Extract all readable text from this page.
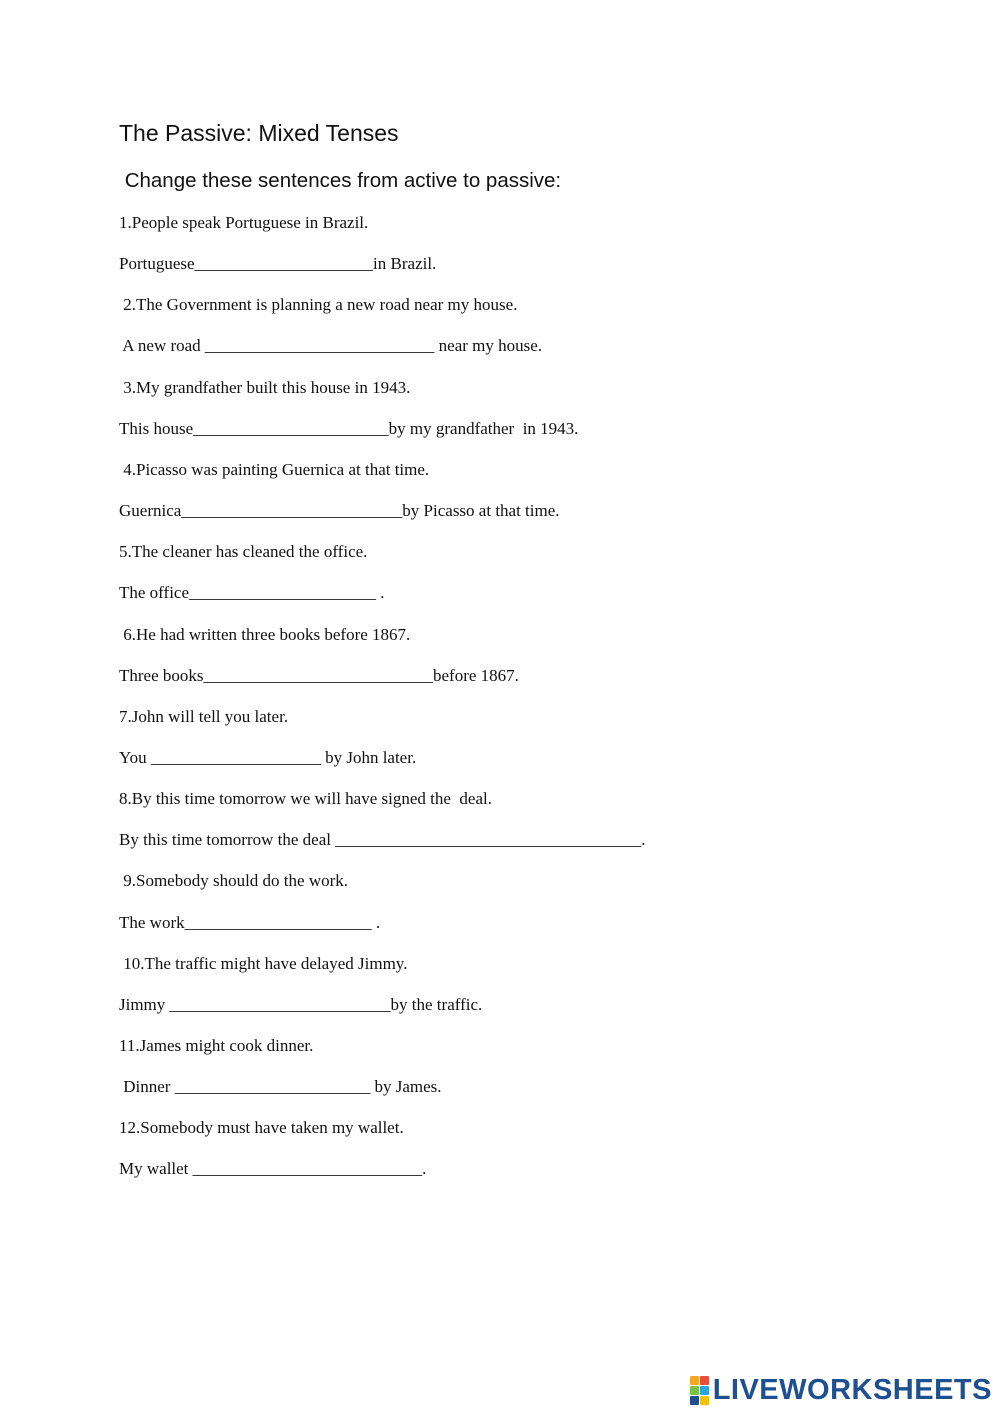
The Passive: Mixed Tenses
Change these sentences from active to passive:
1.People speak Portuguese in Brazil.
Portuguese_____________________in Brazil.
2.The Government is planning a new road near my house.
A new road ___________________________ near my house.
3.My grandfather built this house in 1943.
This house_______________________by my grandfather  in 1943.
4.Picasso was painting Guernica at that time.
Guernica__________________________by Picasso at that time.
5.The cleaner has cleaned the office.
The office______________________ .
6.He had written three books before 1867.
Three books___________________________before 1867.
7.John will tell you later.
You ____________________ by John later.
8.By this time tomorrow we will have signed the  deal.
By this time tomorrow the deal ____________________________________.
9.Somebody should do the work.
The work______________________ .
10.The traffic might have delayed Jimmy.
Jimmy __________________________by the traffic.
11.James might cook dinner.
Dinner _______________________ by James.
12.Somebody must have taken my wallet.
My wallet ___________________________.
LIVEWORKSHEETS
